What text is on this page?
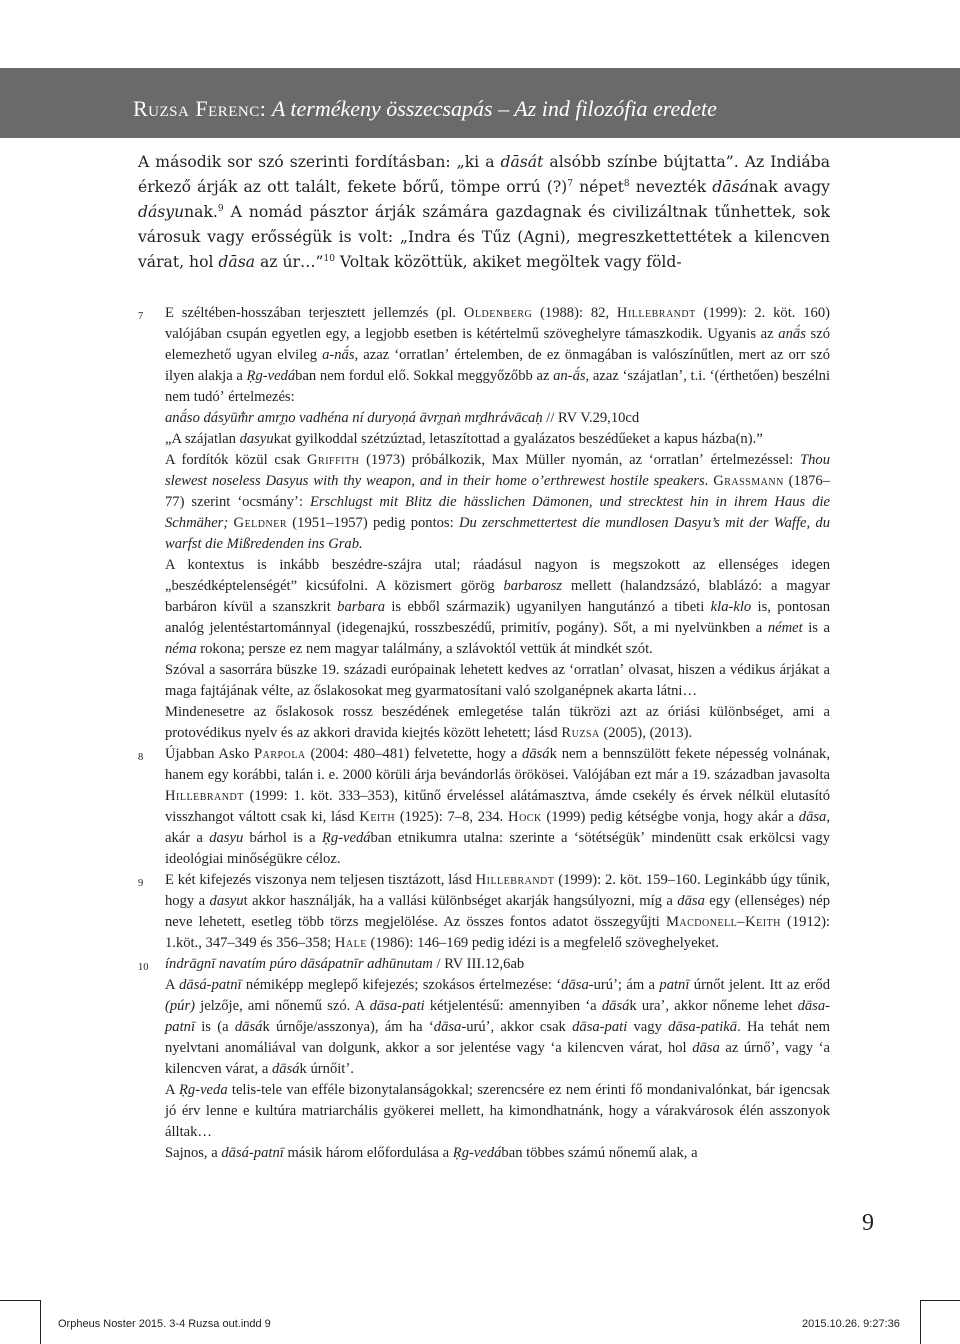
Ruzsa Ferenc: A termékeny összecsapás – Az ind filozófia eredete

A második sor szó szerinti fordításban: „ki a dāsát alsóbb színbe bújtatta”. Az Indiába érkező árják az ott talált, fekete bőrű, tömpe orrú (?)$^7$ népet$^8$ nevezték dāsának avagy dásyunak.$^9$ A nomád pásztor árják számára gazdagnak és civilizáltnak tűnhettek, sok városuk vagy erősségük is volt: „Indra és Tűz (Agni), megreszkettettétek a kilencven várat, hol dāsa az úr…”$^{10}$ Voltak közöttük, akiket megöltek vagy föld-

7 E széltében-hosszában terjesztett jellemzés (pl. Oldenberg (1988): 82, Hillebrandt (1999): 2. köt. 160) valójában csupán egyetlen egy, a legjobb esetben is kétértelmű szöveghelyre támaszkodik. Ugyanis az anā́s szó elemezhető ugyan elvileg a-nā́s, azaz ʻorratlanʼ értelemben, de ez önmagában is valószínűtlen, mert az orr szó ilyen alakja a Ṛg-vedában nem fordul elő. Sokkal meggyőzőbb az an-ā́s, azaz ʻszájatlanʼ, t.i. ʻ(érthetően) beszélni nem tudóʼ értelmezés:

anā́so dásyūm̐r amr̥ṇo vadhéna ní duryoṇá āvr̥ṇaṅ mr̥dhrávācaḥ // RV V.29,10cd

„A szájatlan dasyukat gyilkoddal szétzúztad, letaszítottad a gyalázatos beszédűeket a kapus házba(n).”

A fordítók közül csak Griffith (1973) próbálkozik, Max Müller nyomán, az ʻorratlanʼ értelmezéssel: Thou slewest noseless Dasyus with thy weapon, and in their home o’erthrewest hostile speakers. Grassmann (1876–77) szerint ʻocsmányʼ: Erschlugst mit Blitz die hässlichen Dämonen, und strecktest hin in ihrem Haus die Schmäher; Geldner (1951–1957) pedig pontos: Du zerschmettertest die mundlosen Dasyu’s mit der Waffe, du warfst die Mißredenden ins Grab.

A kontextus is inkább beszédre-szájra utal; ráadásul nagyon is megszokott az ellenséges idegen „beszédképtelenségét” kicsúfolni. A közismert görög barbarosz mellett (halandzsázó, blablázó: a magyar barbáron kívül a szanszkrit barbara is ebből származik) ugyanilyen hangutánzó a tibeti kla-klo is, pontosan analóg jelentéstartománnyal (idegenajkú, rosszbeszédű, primitív, pogány). Sőt, a mi nyelvünkben a német is a néma rokona; persze ez nem magyar találmány, a szlávoktól vettük át mindkét szót.

Szóval a sasorrára büszke 19. századi európainak lehetett kedves az ʻorratlanʼ olvasat, hiszen a védikus árjákat a maga fajtájának vélte, az őslakosokat meg gyarmatosítani való szolganépnek akarta látni…

Mindenesetre az őslakosok rossz beszédének emlegetése talán tükrözi azt az óriási különbséget, ami a protovédikus nyelv és az akkori dravida kiejtés között lehetett; lásd Ruzsa (2005), (2013).

8 Újabban Asko Parpola (2004: 480–481) felvetette, hogy a dāsák nem a bennszülött fekete népesség volnának, hanem egy korábbi, talán i. e. 2000 körüli árja bevándorlás örökösei. Valójában ezt már a 19. században javasolta Hillebrandt (1999: 1. köt. 333–353), kitűnő érveléssel alátámasztva, ámde csekély és érvek nélkül elutasító visszhangot váltott csak ki, lásd Keith (1925): 7–8, 234. Hock (1999) pedig kétségbe vonja, hogy akár a dāsa, akár a dasyu bárhol is a Ṛg-vedában etnikumra utalna: szerinte a ʻsötétségükʼ mindenütt csak erkölcsi vagy ideológiai minőségükre céloz.

9 E két kifejezés viszonya nem teljesen tisztázott, lásd Hillebrandt (1999): 2. köt. 159–160. Leginkább úgy tűnik, hogy a dasyut akkor használják, ha a vallási különbséget akarják hangsúlyozni, míg a dāsa egy (ellenséges) nép neve lehetett, esetleg több törzs megjelölése. Az összes fontos adatot összegyűjti Macdonell–Keith (1912): 1.köt., 347–349 és 356–358; Hale (1986): 146–169 pedig idézi is a megfelelő szöveghelyeket.

10 índrāgnī navatím púro dāsápatnīr adhūnutam / RV III.12,6ab

A dāsá-patnī némiképp meglepő kifejezés; szokásos értelmezése: ʻdāsa-urúʼ; ám a patnī úrnőt jelent. Itt az erőd (púr) jelzője, ami nőnemű szó. A dāsa-pati kétjelentésű: amennyiben ʻa dāsák uraʼ, akkor nőneme lehet dāsa-patnī is (a dāsák úrnője/asszonya), ám ha ʻdāsa-urúʼ, akkor csak dāsa-pati vagy dāsa-patikā. Ha tehát nem nyelvtani anomáliával van dolgunk, akkor a sor jelentése vagy ʻa kilencven várat, hol dāsa az úrnőʼ, vagy ʻa kilencven várat, a dāsák úrnőitʼ.

A Ṛg-veda telis-tele van efféle bizonytalanságokkal; szerencsére ez nem érinti fő mondanivalónkat, bár igencsak jó érv lenne e kultúra matriarchális gyökerei mellett, ha kimondhatnánk, hogy a várakvárosok élén asszonyok álltak…

Sajnos, a dāsá-patnī másik három előfordulása a Ṛg-vedában többes számú nőnemű alak, a

9
Orpheus Noster 2015. 3-4 Ruzsa out.indd 9	2015.10.26. 9:27:36
